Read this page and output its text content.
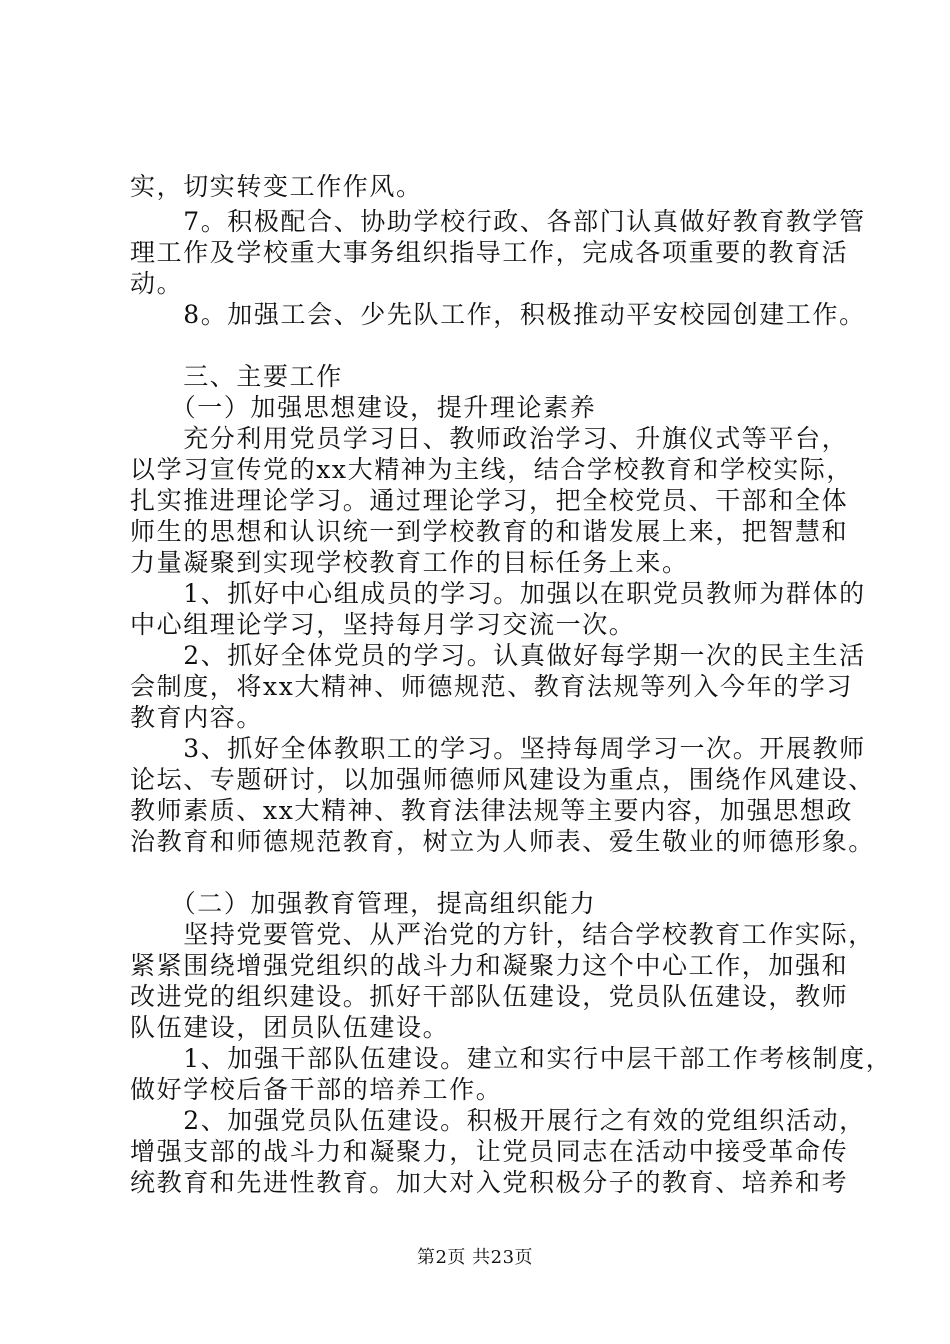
实，切实转变工作作风。
　　7。积极配合、协助学校行政、各部门认真做好教育教学管
理工作及学校重大事务组织指导工作，完成各项重要的教育活
动。
　　8。加强工会、少先队工作，积极推动平安校园创建工作。
　　三、主要工作
　　（一）加强思想建设，提升理论素养
　　充分利用党员学习日、教师政治学习、升旗仪式等平台，
以学习宣传党的xx大精神为主线，结合学校教育和学校实际，
扎实推进理论学习。通过理论学习，把全校党员、干部和全体
师生的思想和认识统一到学校教育的和谐发展上来，把智慧和
力量凝聚到实现学校教育工作的目标任务上来。
　　1、抓好中心组成员的学习。加强以在职党员教师为群体的
中心组理论学习，坚持每月学习交流一次。
　　2、抓好全体党员的学习。认真做好每学期一次的民主生活
会制度，将xx大精神、师德规范、教育法规等列入今年的学习
教育内容。
　　3、抓好全体教职工的学习。坚持每周学习一次。开展教师
论坛、专题研讨，以加强师德师风建设为重点，围绕作风建设、
教师素质、xx大精神、教育法律法规等主要内容，加强思想政
治教育和师德规范教育，树立为人师表、爱生敬业的师德形象。
　　（二）加强教育管理，提高组织能力
　　坚持党要管党、从严治党的方针，结合学校教育工作实际，
紧紧围绕增强党组织的战斗力和凝聚力这个中心工作，加强和
改进党的组织建设。抓好干部队伍建设，党员队伍建设，教师
队伍建设，团员队伍建设。
　　1、加强干部队伍建设。建立和实行中层干部工作考核制度，
做好学校后备干部的培养工作。
　　2、加强党员队伍建设。积极开展行之有效的党组织活动，
增强支部的战斗力和凝聚力，让党员同志在活动中接受革命传
统教育和先进性教育。加大对入党积极分子的教育、培养和考
第2页 共23页
